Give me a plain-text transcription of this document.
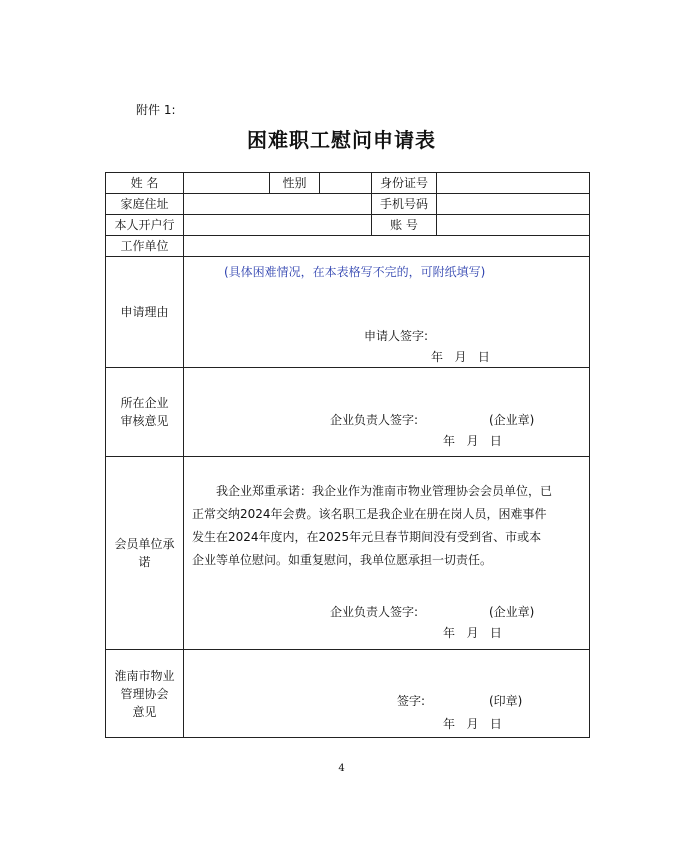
附件 1:
困难职工慰问申请表
姓 名		性别		身份证号	
家庭住址				手机号码	
本人开户行				账 号	
工作单位					
申请理由	(具体困难情况，在本表格写不完的，可附纸填写)
申请人签字:
年   月   日				

所在企业
审核意见	企业负责人签字: (企业章)
年   月   日				

会员单位承
诺	我企业郑重承诺：我企业作为淮南市物业管理协会会员单位，已正常交纳2024年会费。该名职工是我企业在册在岗人员，困难事件发生在2024年度内，在2025年元旦春节期间没有受到省、市或本企业等单位慰问。如重复慰问，我单位愿承担一切责任。
企业负责人签字: (企业章)
年   月   日				

淮南市物业
管理协会
意见	签字: (印章)
年   月   日				
4
